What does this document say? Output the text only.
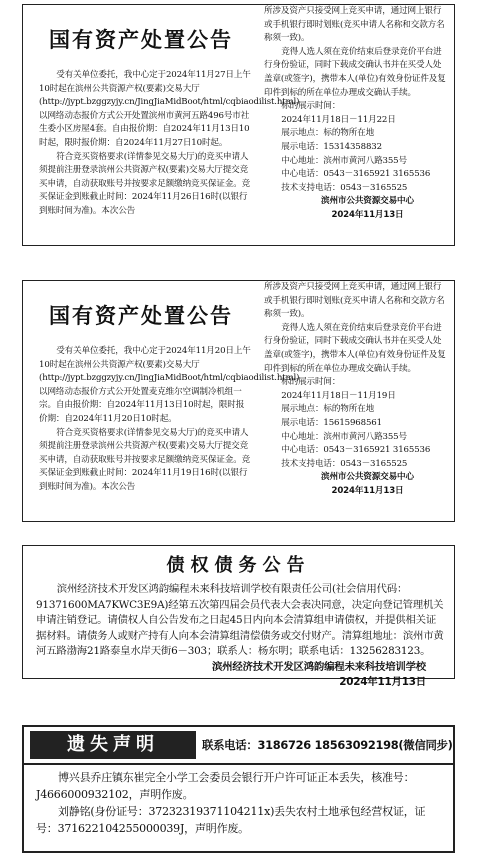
国有资产处置公告

受有关单位委托，我中心定于2024年11月27日上午10时起在滨州公共资源产权(要素)交易大厅(http://jypt.bzggzyjy.cn/JingJiaMidBoot/html/cqbiaodilist.html)以网络动态报价方式公开处置滨州市黄河五路496号市社生委小区房屋4套。自由报价期：自2024年11月13日10时起，限时报价期：自2024年11月27日10时起。

符合竞买资格要求(详情参见交易大厅)的竞买申请人须提前注册登录滨州公共资源产权(要素)交易大厅提交竞买申请，自动获取账号并按要求足额缴纳竞买保证金。竞买保证金到账截止时间：2024年11月26日16时(以银行到账时间为准)。本次公告

所涉及资产只接受网上竞买申请，通过网上银行或手机银行即时划账(竞买申请人名称和交款方名称须一致)。

竞得人选人须在竞价结束后登录竞价平台进行身份验证，同时下载成交确认书并在买受人处盖章(或签字)，携带本人(单位)有效身份证件及复印件到标的所在单位办理成交确认手续。

标的展示时间：
2024年11月18日－11月22日
展示地点：标的物所在地
展示电话：15314358832
中心地址：滨州市黄河八路355号
中心电话：0543－3165921 3165536
技术支持电话：0543－3165525
滨州市公共资源交易中心
2024年11月13日
国有资产处置公告

受有关单位委托，我中心定于2024年11月20日上午10时起在滨州公共资源产权(要素)交易大厅(http://jypt.bzggzyjy.cn/JingJiaMidBoot/html/cqbiaodilist.html)以网络动态报价方式公开处置麦克维尔空调制冷机组一宗。自由报价期：自2024年11月13日10时起，限时报价期：自2024年11月20日10时起。

符合竞买资格要求(详情参见交易大厅)的竞买申请人须提前注册登录滨州公共资源产权(要素)交易大厅提交竞买申请，自动获取账号并按要求足额缴纳竞买保证金。竞买保证金到账截止时间：2024年11月19日16时(以银行到账时间为准)。本次公告

所涉及资产只接受网上竞买申请，通过网上银行或手机银行即时划账(竞买申请人名称和交款方名称须一致)。

竞得人选人须在竞价结束后登录竞价平台进行身份验证，同时下载成交确认书并在买受人处盖章(或签字)，携带本人(单位)有效身份证件及复印件到标的所在单位办理成交确认手续。

标的展示时间：
2024年11月18日－11月19日
展示地点：标的物所在地
展示电话：15615968561
中心地址：滨州市黄河八路355号
中心电话：0543－3165921 3165536
技术支持电话：0543－3165525
滨州市公共资源交易中心
2024年11月13日
债权债务公告
滨州经济技术开发区鸿韵编程未来科技培训学校有限责任公司(社会信用代码：91371600MA7KWC3E9A)经第五次第四届会员代表大会表决同意，决定向登记管理机关申请注销登记。请债权人自公告发布之日起45日内向本会清算组申请债权，并提供相关证据材料。请债务人或财产持有人向本会清算组清偿债务或交付财产。清算组地址：滨州市黄河五路渤海21路泰皇水岸天街6－303；联系人：杨东明；联系电话：13256283123。
滨州经济技术开发区鸿韵编程未来科技培训学校
2024年11月13日
遗失声明	联系电话：3186726 18563092198(微信同步)

博兴县乔庄镇东崔完全小学工会委员会银行开户许可证正本丢失，核准号：J4666000932102，声明作废。

刘静铭(身份证号：37232319371104211x)丢失农村土地承包经营权证，证号：371622104255000039J，声明作废。
